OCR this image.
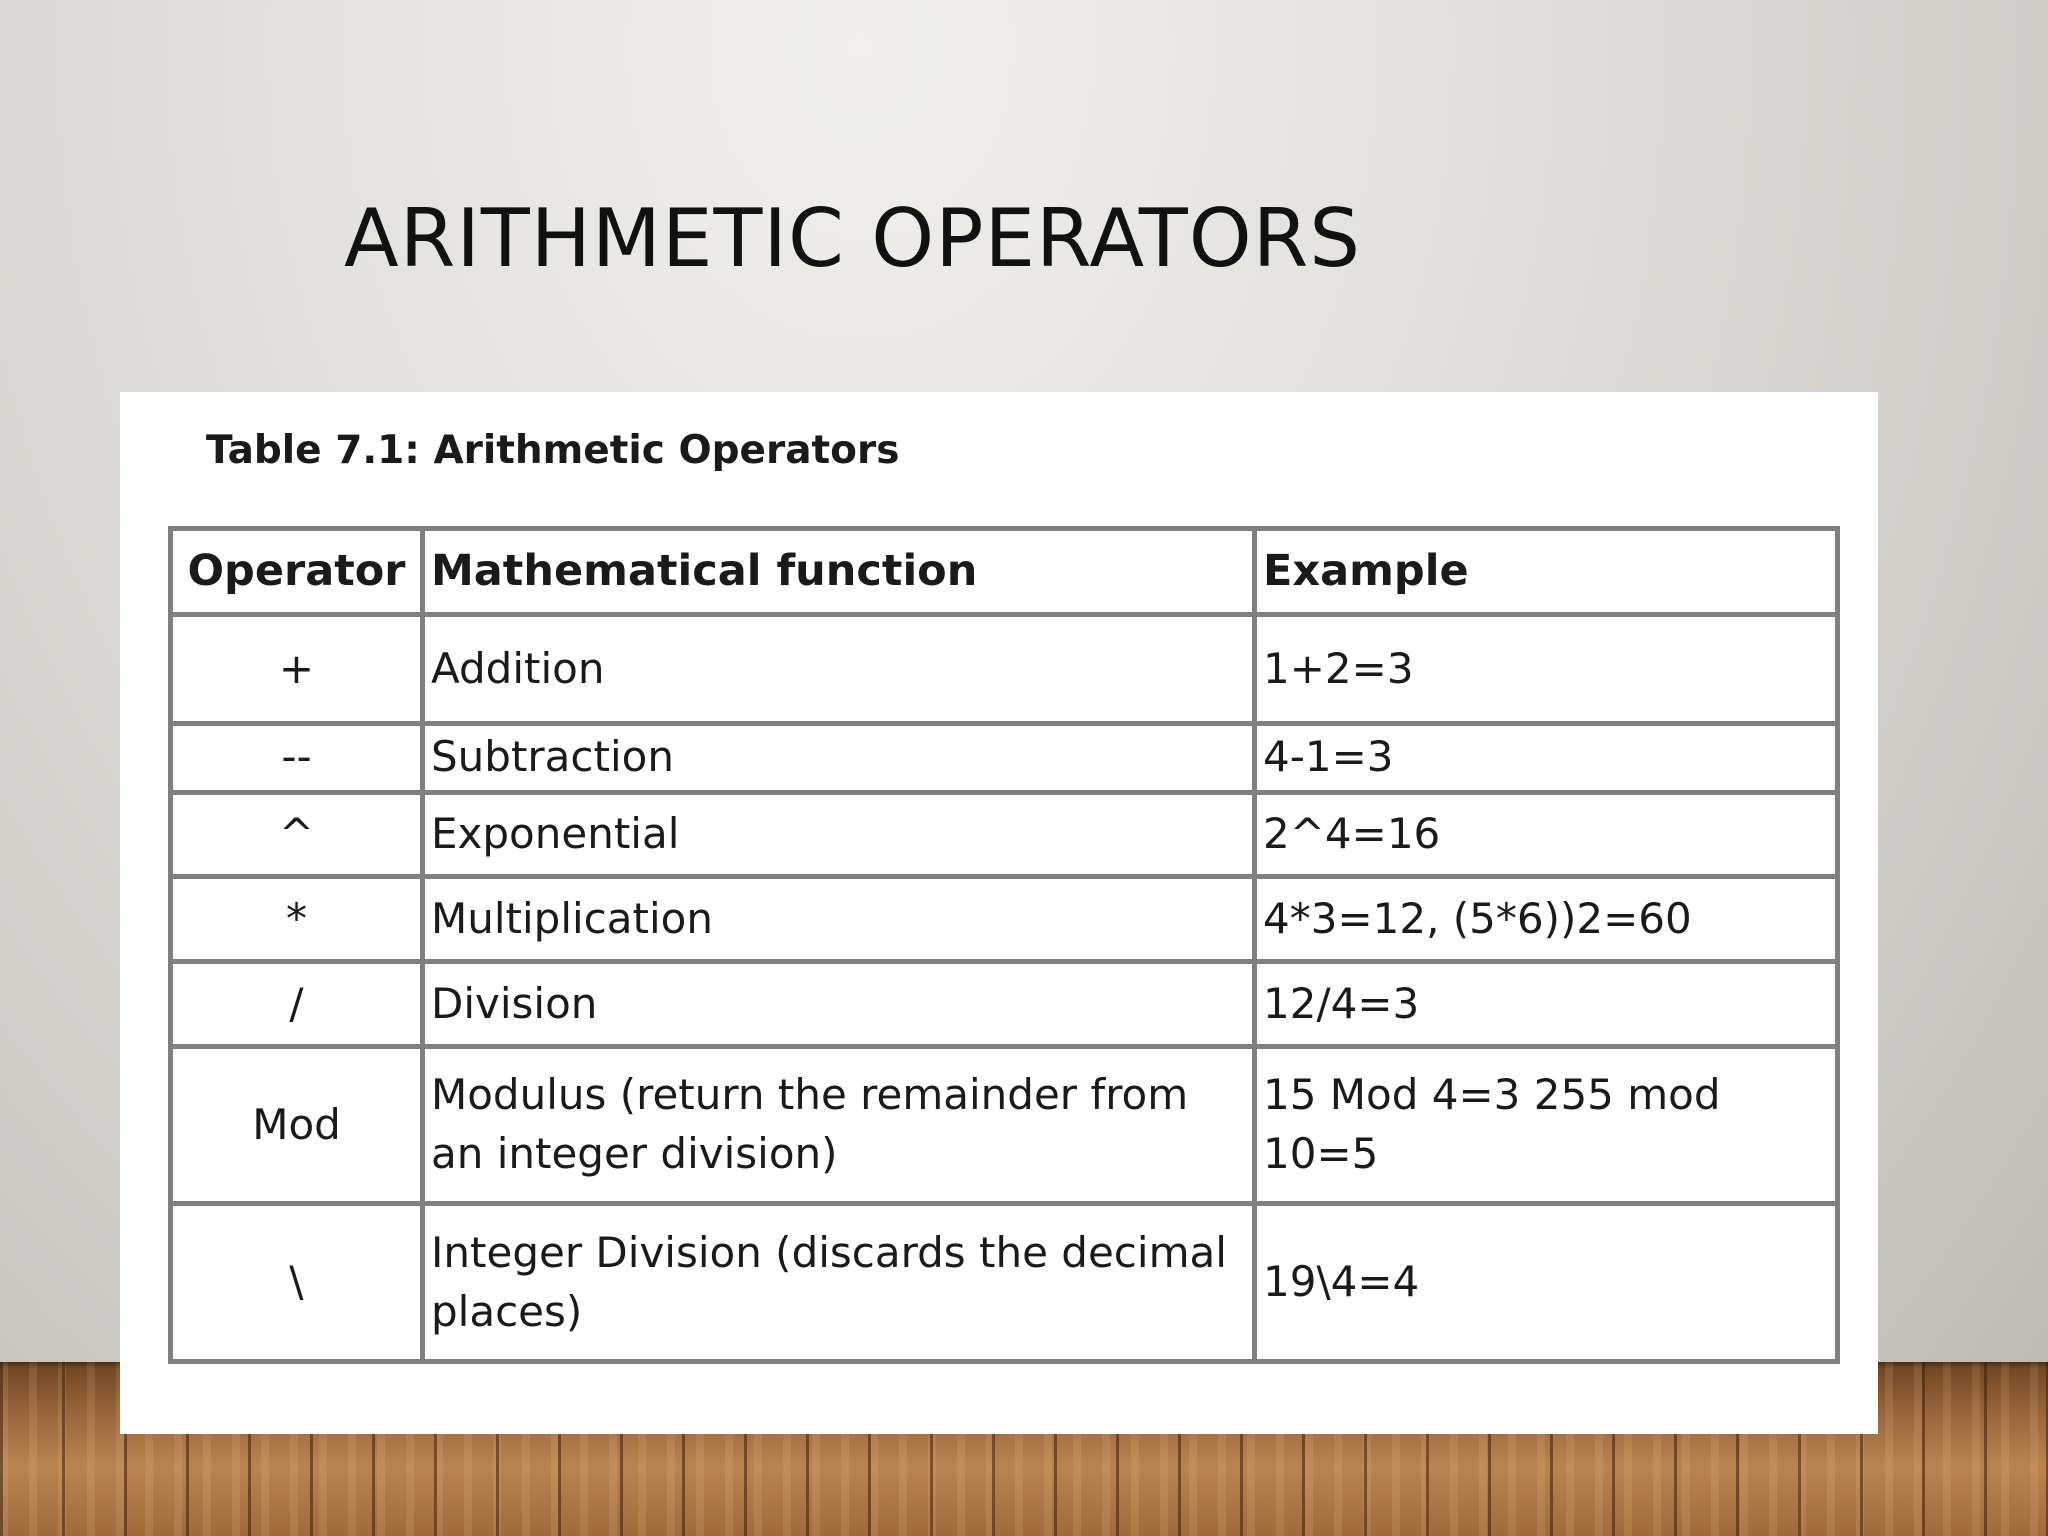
ARITHMETIC OPERATORS
Table 7.1: Arithmetic Operators
Operator	Mathematical function	Example
+	Addition	1+2=3
--	Subtraction	4-1=3
^	Exponential	2^4=16
*	Multiplication	4*3=12, (5*6))2=60
/	Division	12/4=3
Mod	Modulus (return the remainder from an integer division)	15 Mod 4=3 255 mod 10=5
\	Integer Division (discards the decimal places)	19\4=4
